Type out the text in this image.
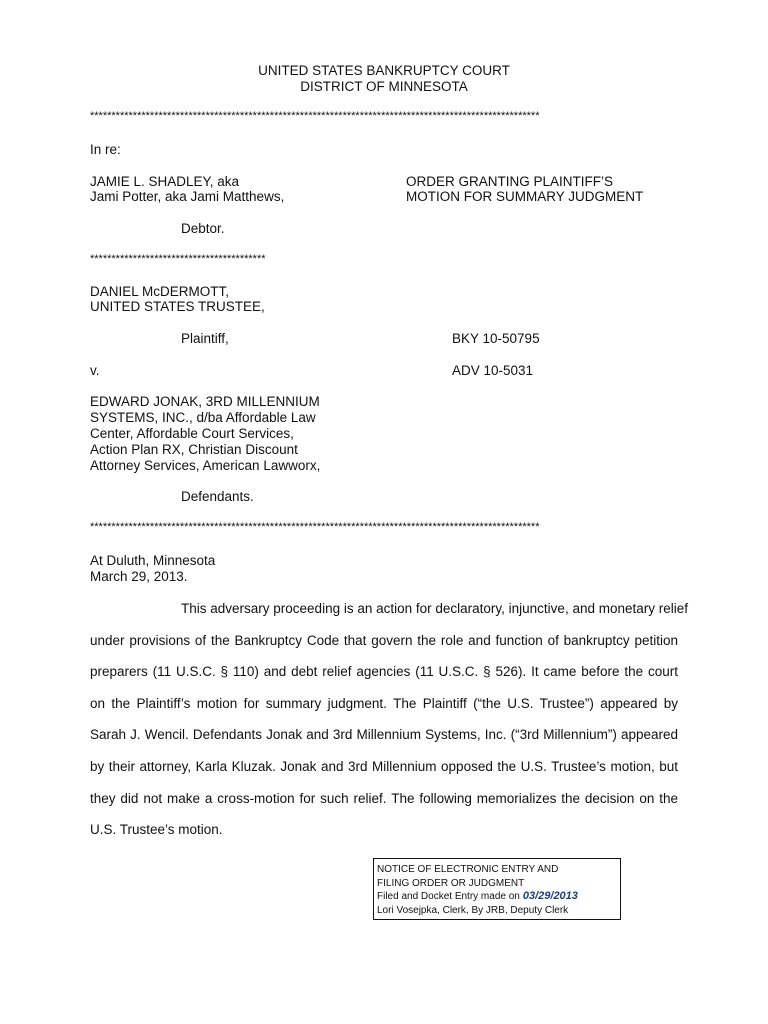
UNITED STATES BANKRUPTCY COURT
DISTRICT OF MINNESOTA
*********************************************************************************************************
In re:
JAMIE L. SHADLEY, aka
Jami Potter, aka Jami Matthews,
ORDER GRANTING PLAINTIFF’S
MOTION FOR SUMMARY JUDGMENT
Debtor.
*****************************************
DANIEL McDERMOTT,
UNITED STATES TRUSTEE,
Plaintiff,	BKY 10-50795
v.	ADV 10-5031
EDWARD JONAK, 3RD MILLENNIUM
SYSTEMS, INC., d/ba Affordable Law
Center, Affordable Court Services,
Action Plan RX, Christian Discount
Attorney Services, American Lawworx,
Defendants.
*********************************************************************************************************
At Duluth, Minnesota
March 29, 2013.
This adversary proceeding is an action for declaratory, injunctive, and monetary relief
under provisions of the Bankruptcy Code that govern the role and function of bankruptcy petition
preparers (11 U.S.C. § 110) and debt relief agencies (11 U.S.C. § 526). It came before the court
on the Plaintiff’s motion for summary judgment. The Plaintiff (“the U.S. Trustee”) appeared by
Sarah J. Wencil. Defendants Jonak and 3rd Millennium Systems, Inc. (“3rd Millennium”) appeared
by their attorney, Karla Kluzak. Jonak and 3rd Millennium opposed the U.S. Trustee’s motion, but
they did not make a cross-motion for such relief. The following memorializes the decision on the
U.S. Trustee’s motion.
NOTICE OF ELECTRONIC ENTRY AND
FILING ORDER OR JUDGMENT
Filed and Docket Entry made on 03/29/2013
Lori Vosejpka, Clerk, By JRB, Deputy Clerk
